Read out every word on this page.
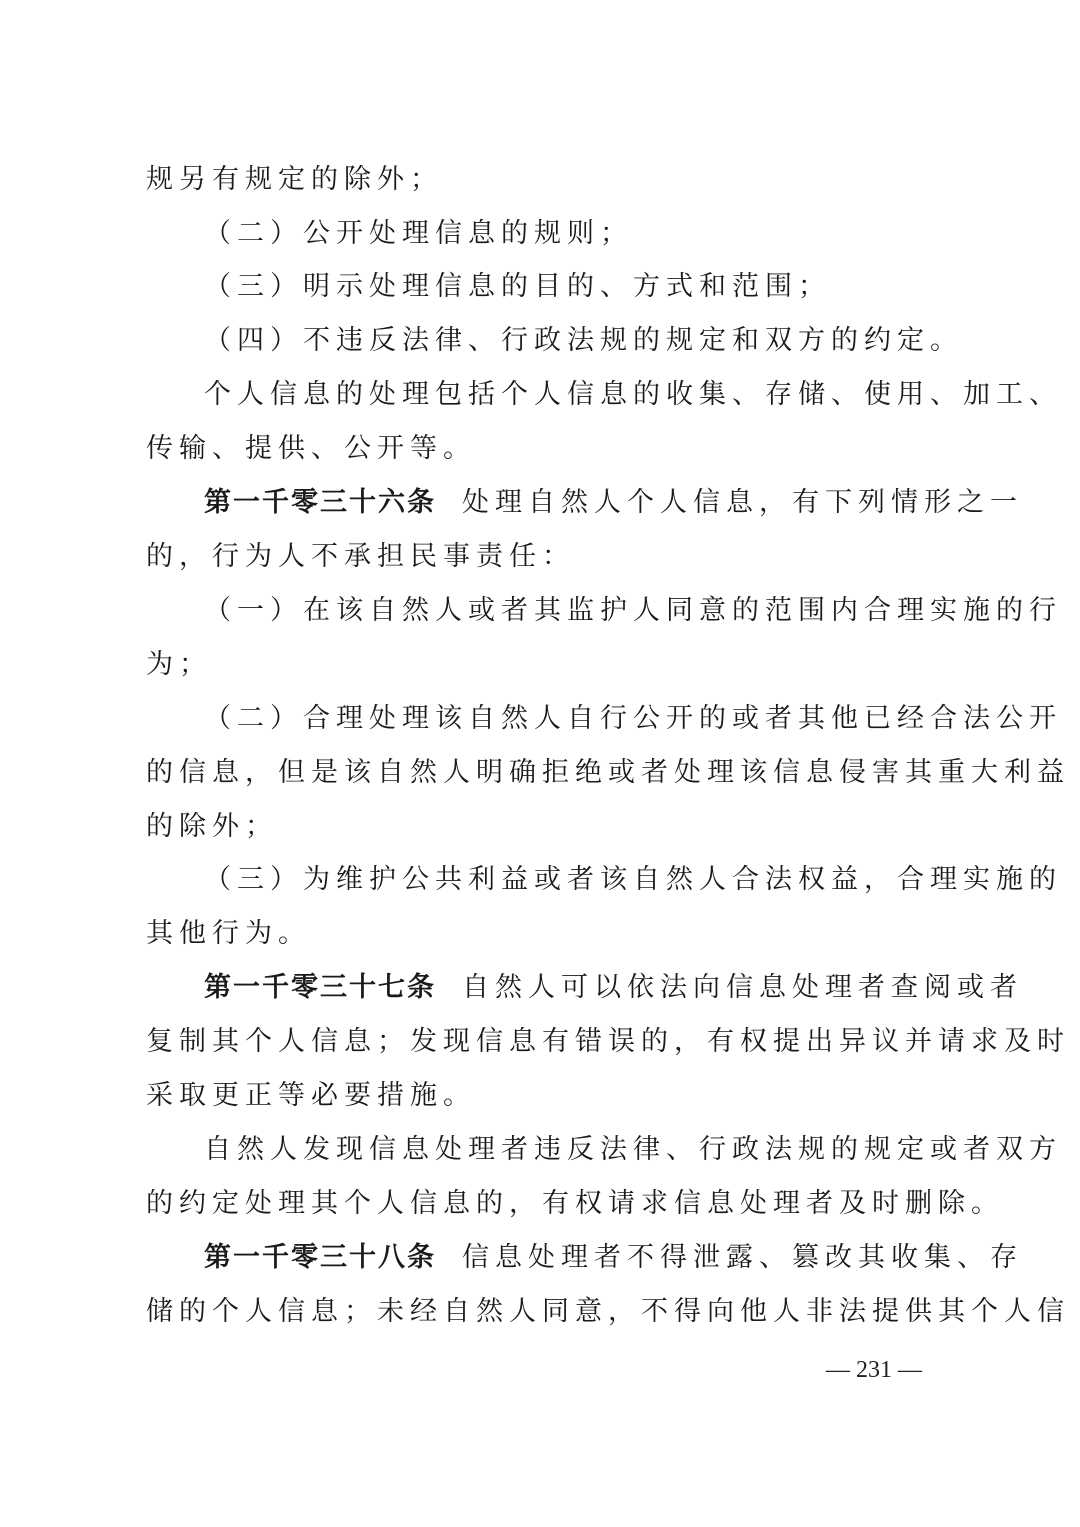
规另有规定的除外；
（二）公开处理信息的规则；
（三）明示处理信息的目的、方式和范围；
（四）不违反法律、行政法规的规定和双方的约定。
个人信息的处理包括个人信息的收集、存储、使用、加工、
传输、提供、公开等。
第一千零三十六条 处理自然人个人信息，有下列情形之一
的，行为人不承担民事责任：
（一）在该自然人或者其监护人同意的范围内合理实施的行
为；
（二）合理处理该自然人自行公开的或者其他已经合法公开
的信息，但是该自然人明确拒绝或者处理该信息侵害其重大利益
的除外；
（三）为维护公共利益或者该自然人合法权益，合理实施的
其他行为。
第一千零三十七条 自然人可以依法向信息处理者查阅或者
复制其个人信息；发现信息有错误的，有权提出异议并请求及时
采取更正等必要措施。
自然人发现信息处理者违反法律、行政法规的规定或者双方
的约定处理其个人信息的，有权请求信息处理者及时删除。
第一千零三十八条 信息处理者不得泄露、篡改其收集、存
储的个人信息；未经自然人同意，不得向他人非法提供其个人信
— 231 —
